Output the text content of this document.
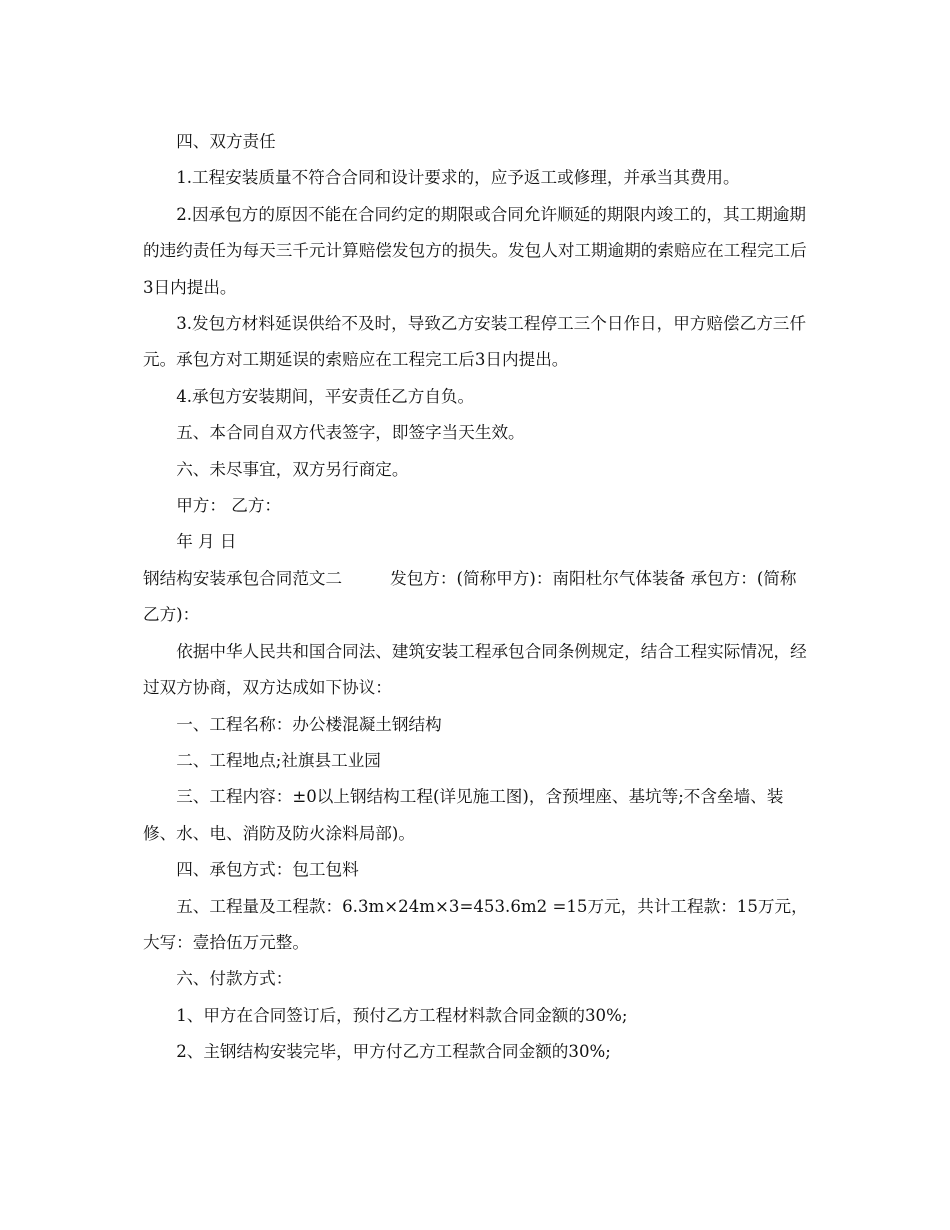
四、双方责任

1.工程安装质量不符合合同和设计要求的，应予返工或修理，并承当其费用。

2.因承包方的原因不能在合同约定的期限或合同允许顺延的期限内竣工的，其工期逾期的违约责任为每天三千元计算赔偿发包方的损失。发包人对工期逾期的索赔应在工程完工后3日内提出。

3.发包方材料延误供给不及时，导致乙方安装工程停工三个日作日，甲方赔偿乙方三仟元。承包方对工期延误的索赔应在工程完工后3日内提出。

4.承包方安装期间，平安责任乙方自负。

五、本合同自双方代表签字，即签字当天生效。

六、未尽事宜，双方另行商定。

甲方： 乙方：

年 月 日

钢结构安装承包合同范文二	发包方：(简称甲方)：南阳杜尔气体装备 承包方：(简称乙方)：

依据中华人民共和国合同法、建筑安装工程承包合同条例规定，结合工程实际情况，经过双方协商，双方达成如下协议：

一、工程名称：办公楼混凝土钢结构

二、工程地点;社旗县工业园

三、工程内容：±0以上钢结构工程(详见施工图)，含预埋座、基坑等;不含垒墙、装修、水、电、消防及防火涂料局部)。

四、承包方式：包工包料

五、工程量及工程款：6.3m×24m×3=453.6m2 =15万元，共计工程款：15万元，大写：壹拾伍万元整。

六、付款方式：

1、甲方在合同签订后，预付乙方工程材料款合同金额的30%;

2、主钢结构安装完毕，甲方付乙方工程款合同金额的30%;
